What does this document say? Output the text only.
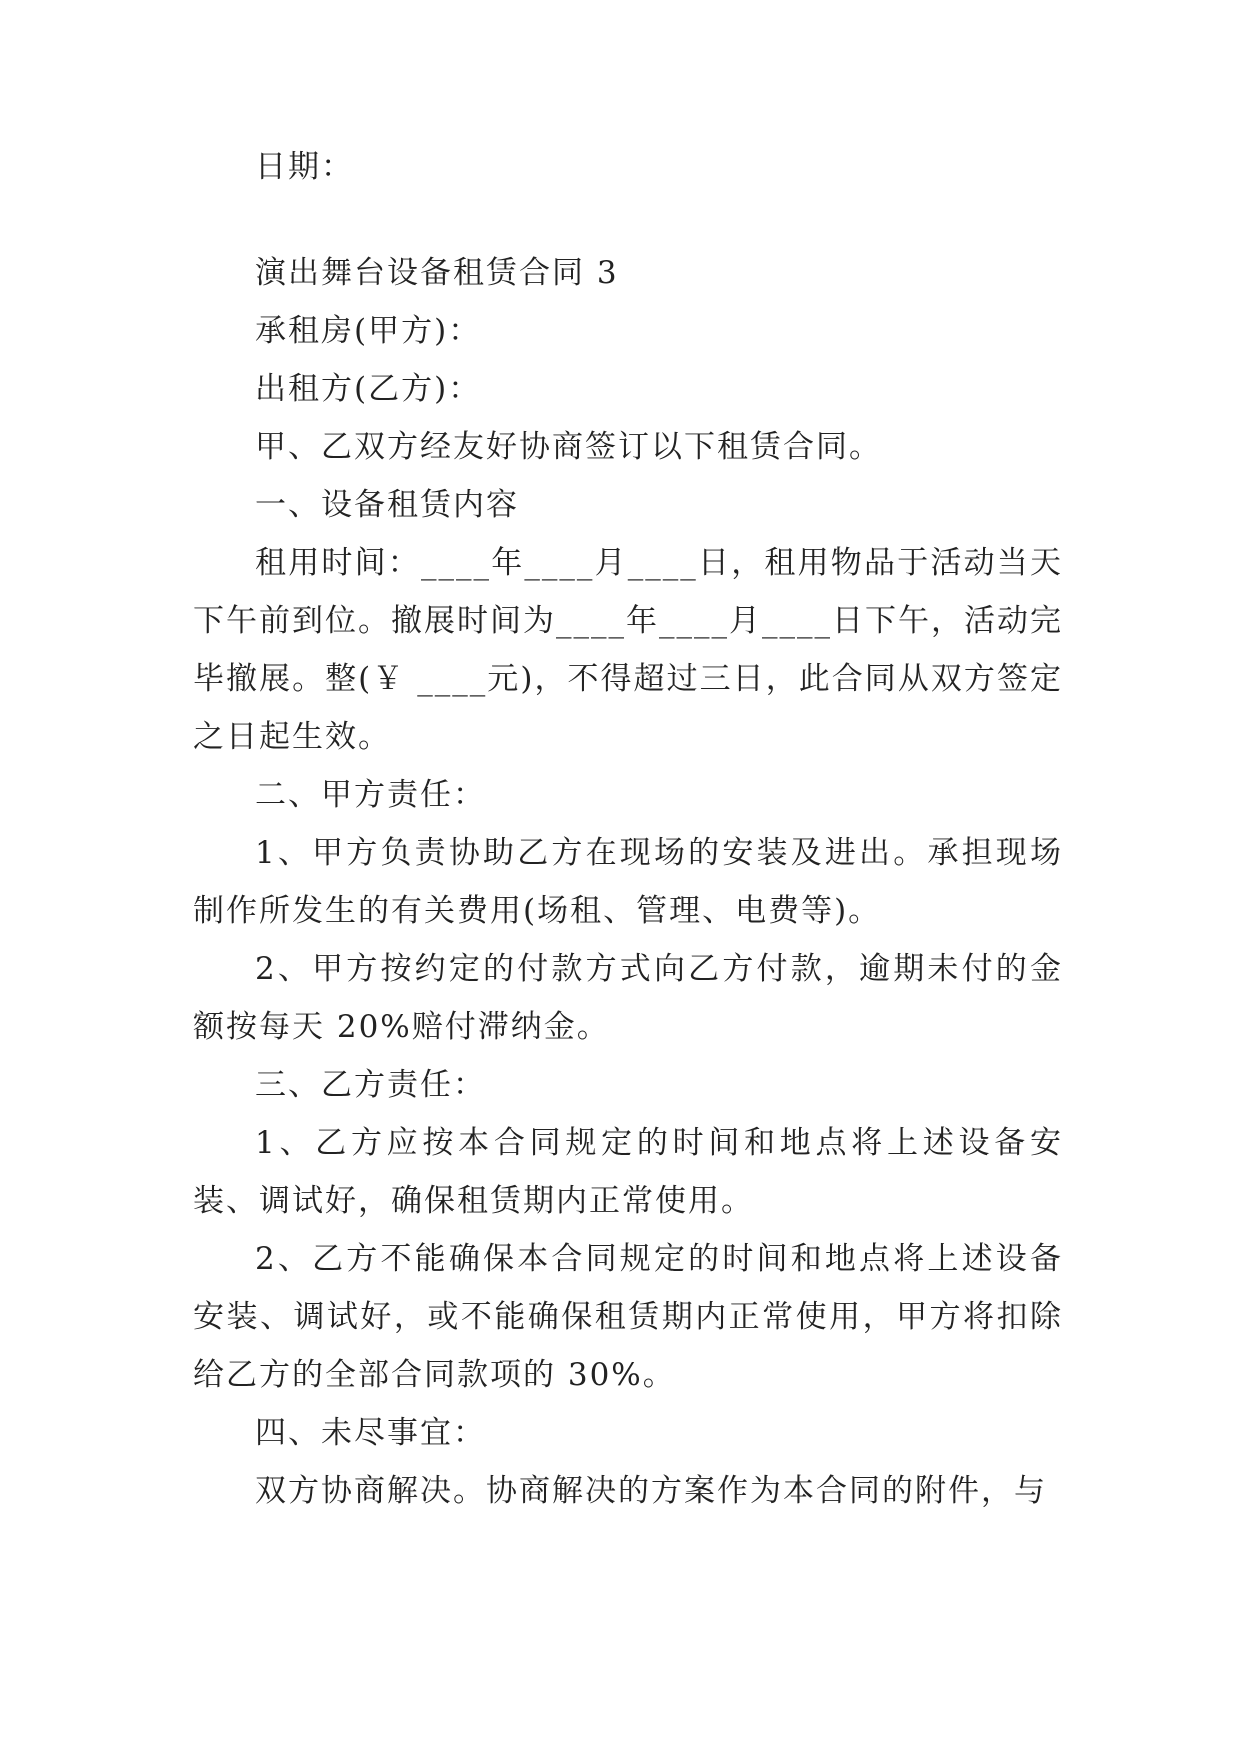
日期：

演出舞台设备租赁合同 3

承租房(甲方)：

出租方(乙方)：

甲、乙双方经友好协商签订以下租赁合同。

一、设备租赁内容

租用时间：____年____月____日，租用物品于活动当天下午前到位。撤展时间为____年____月____日下午，活动完毕撤展。整(￥ ____元)，不得超过三日，此合同从双方签定之日起生效。

二、甲方责任：

1、甲方负责协助乙方在现场的安装及进出。承担现场制作所发生的有关费用(场租、管理、电费等)。

2、甲方按约定的付款方式向乙方付款，逾期未付的金额按每天 20%赔付滞纳金。

三、乙方责任：

1、乙方应按本合同规定的时间和地点将上述设备安装、调试好，确保租赁期内正常使用。

2、乙方不能确保本合同规定的时间和地点将上述设备安装、调试好，或不能确保租赁期内正常使用，甲方将扣除给乙方的全部合同款项的 30%。

四、未尽事宜：

双方协商解决。协商解决的方案作为本合同的附件，与
